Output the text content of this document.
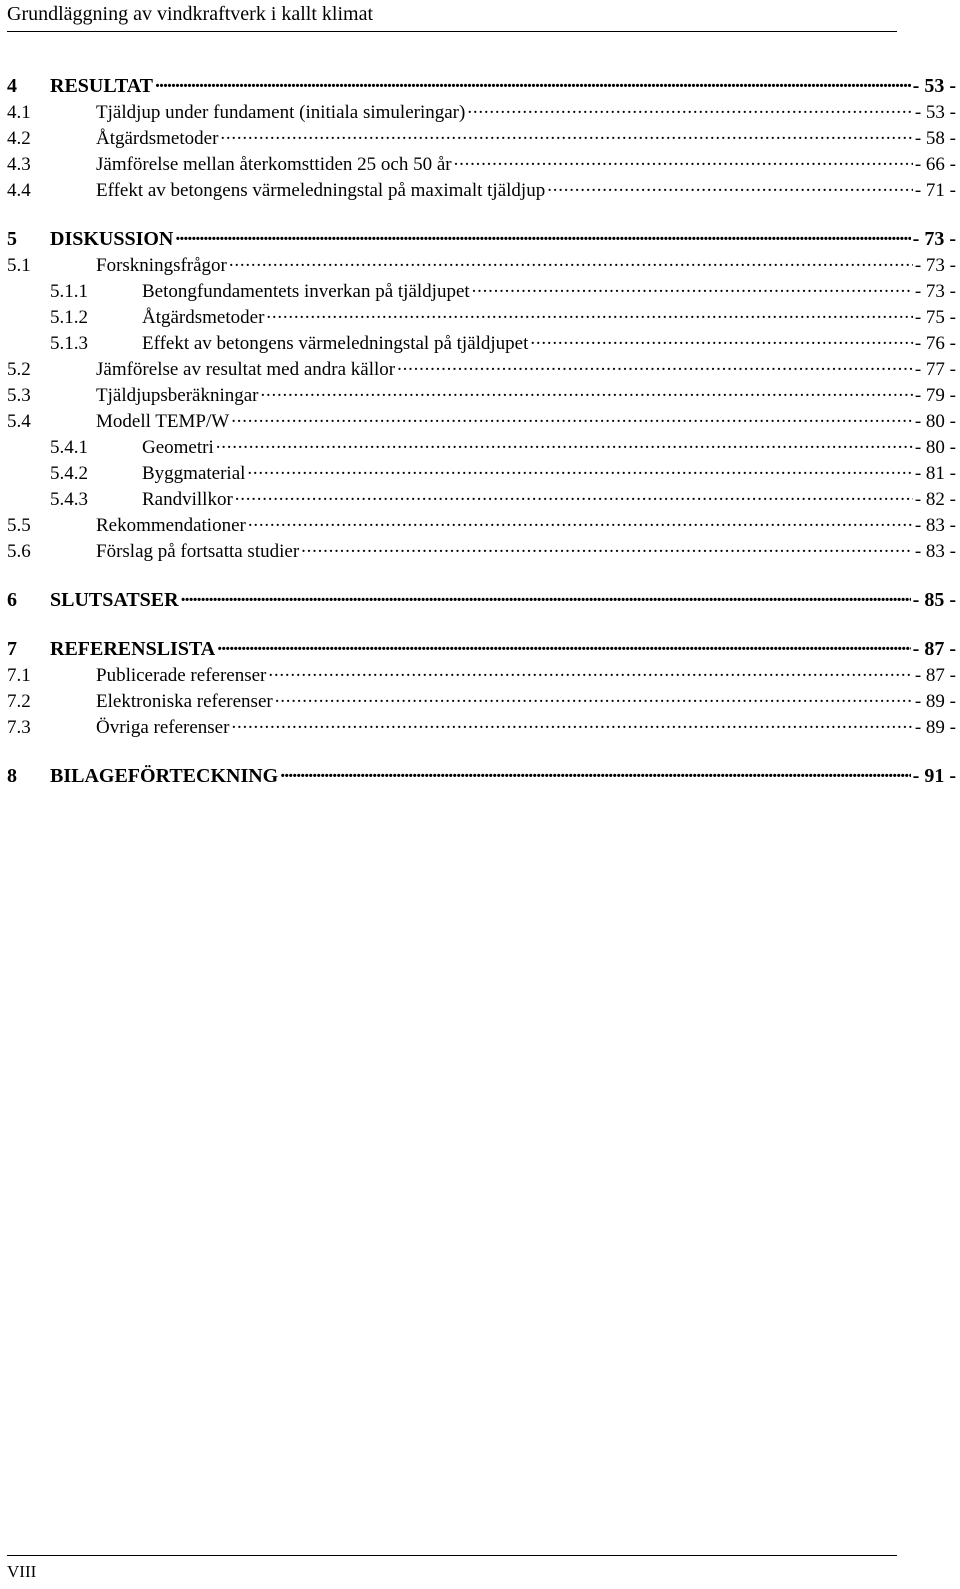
Grundläggning av vindkraftverk i kallt klimat
4	RESULTAT . . .	- 53 -
4.1	Tjäldjup under fundament (initiala simuleringar) . . .	- 53 -
4.2	Åtgärdsmetoder . . .	- 58 -
4.3	Jämförelse mellan återkomsttiden 25 och 50 år . . .	- 66 -
4.4	Effekt av betongens värmeledningstal på maximalt tjäldjup . . .	- 71 -
5	DISKUSSION . . .	- 73 -
5.1	Forskningsfrågor . . .	- 73 -
5.1.1	Betongfundamentets inverkan på tjäldjupet . . .	- 73 -
5.1.2	Åtgärdsmetoder . . .	- 75 -
5.1.3	Effekt av betongens värmeledningstal på tjäldjupet . . .	- 76 -
5.2	Jämförelse av resultat med andra källor . . .	- 77 -
5.3	Tjäldjupsberäkningar . . .	- 79 -
5.4	Modell TEMP/W . . .	- 80 -
5.4.1	Geometri . . .	- 80 -
5.4.2	Byggmaterial . . .	- 81 -
5.4.3	Randvillkor . . .	- 82 -
5.5	Rekommendationer . . .	- 83 -
5.6	Förslag på fortsatta studier . . .	- 83 -
6	SLUTSATSER . . .	- 85 -
7	REFERENSLISTA . . .	- 87 -
7.1	Publicerade referenser . . .	- 87 -
7.2	Elektroniska referenser . . .	- 89 -
7.3	Övriga referenser . . .	- 89 -
8	BILAGEFÖRTECKNING . . .	- 91 -
VIII
